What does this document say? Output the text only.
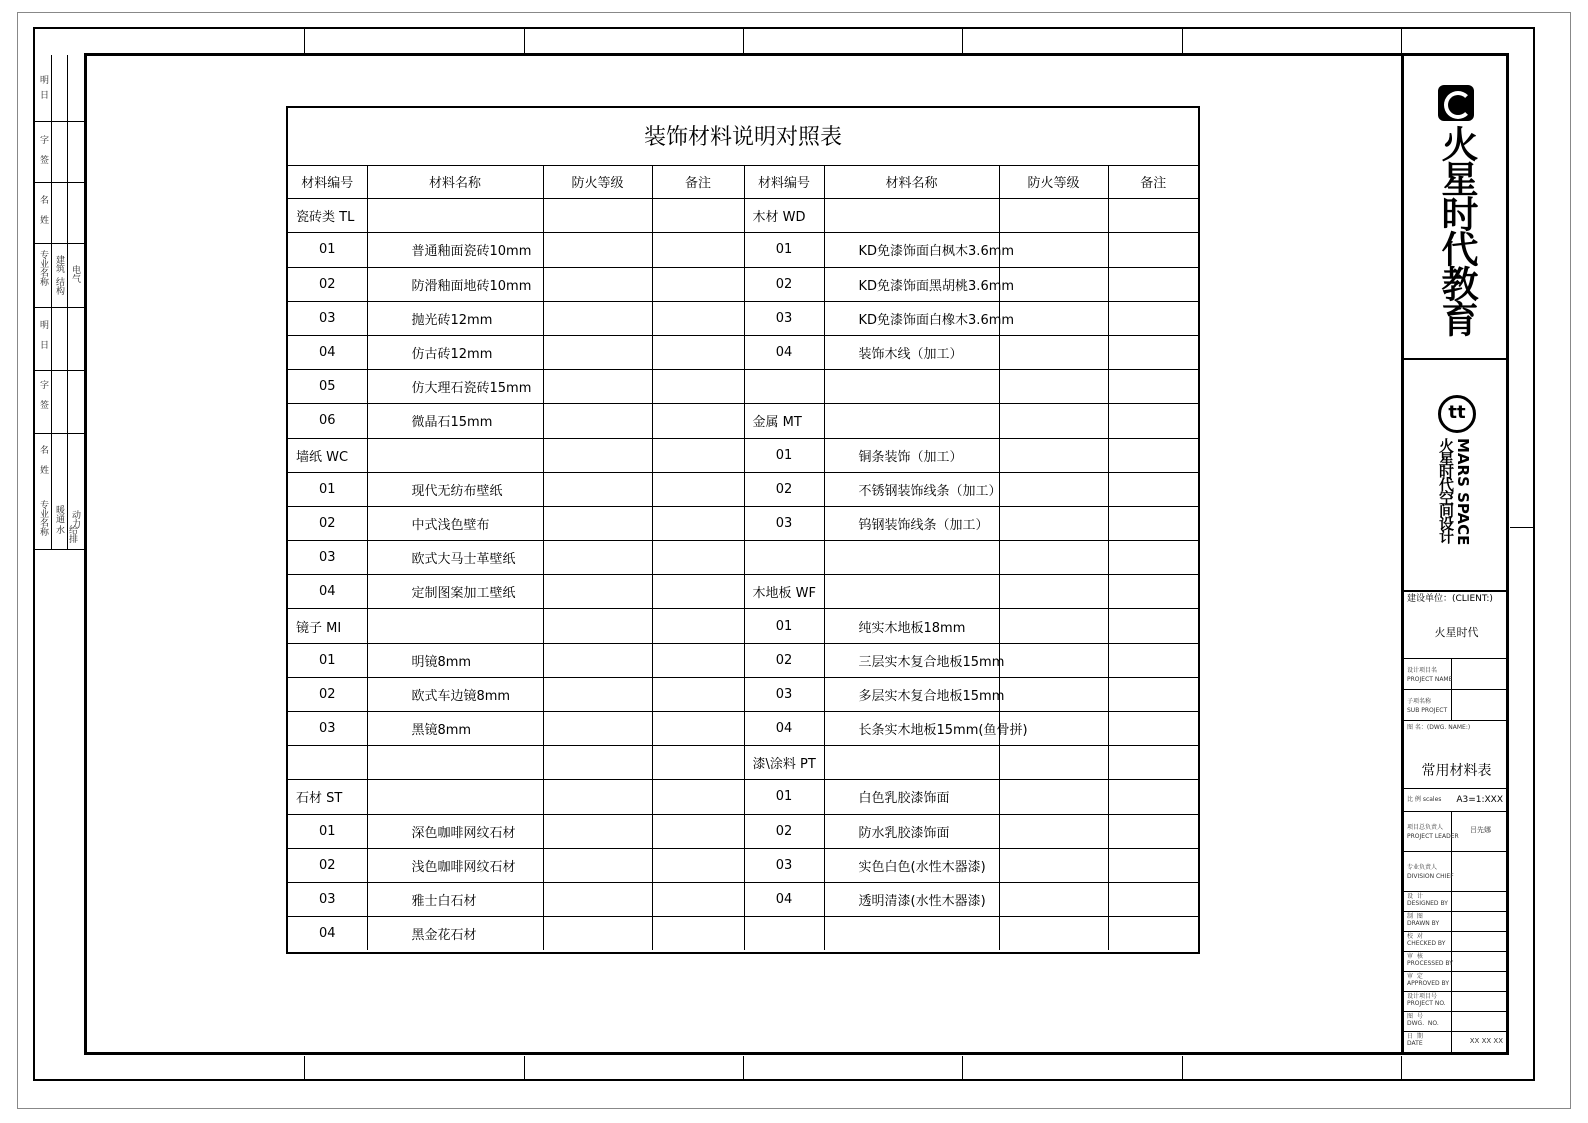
明
日
字
签
名
姓
专业名称 建筑
结构
电气
明
日
字
签
名
姓
专业名称 暖通
给排水
动力
装饰材料说明对照表
材料编号	材料名称	防火等级	备注	材料编号	材料名称	防火等级	备注
瓷砖类 TL				木材 WD			
01	普通釉面瓷砖10mm			01	KD免漆饰面白枫木3.6mm		
02	防滑釉面地砖10mm			02	KD免漆饰面黑胡桃3.6mm		
03	抛光砖12mm			03	KD免漆饰面白橡木3.6mm		
04	仿古砖12mm			04	装饰木线（加工）		
05	仿大理石瓷砖15mm						
06	微晶石15mm			金属 MT			
墙纸 WC				01	铜条装饰（加工）		
01	现代无纺布壁纸			02	不锈钢装饰线条（加工）		
02	中式浅色壁布			03	钨钢装饰线条（加工）		
03	欧式大马士革壁纸						
04	定制图案加工壁纸			木地板 WF			
镜子 MI				01	纯实木地板18mm		
01	明镜8mm			02	三层实木复合地板15mm		
02	欧式车边镜8mm			03	多层实木复合地板15mm		
03	黑镜8mm			04	长条实木地板15mm(鱼骨拼)		
				漆\涂料 PT			
石材 ST				01	白色乳胶漆饰面		
01	深色咖啡网纹石材			02	防水乳胶漆饰面		
02	浅色咖啡网纹石材			03	实色白色(水性木器漆)		
03	雅士白石材			04	透明清漆(水性木器漆)		
04	黑金花石材						
火星时代教育
tt
MARS SPACE
火星时代空间设计
建设单位：(CLIENT:)
火星时代
设计项目名
PROJECT NAME
子项名称
SUB PROJECT
图 名：(DWG. NAME:)
常用材料表
比 例 scales A3=1:XXX
项目总负责人
PROJECT LEADER
吕先娜
专业负责人
DIVISION CHIEF
设  计
DESIGNED BY
制  图
DRAWN BY
校  对
CHECKED BY
审  核
PROCESSED BY
审  定
APPROVED BY
设计项目号
PROJECT NO.
图  号
DWG.  NO.
日  期
DATE	XX XX XX
